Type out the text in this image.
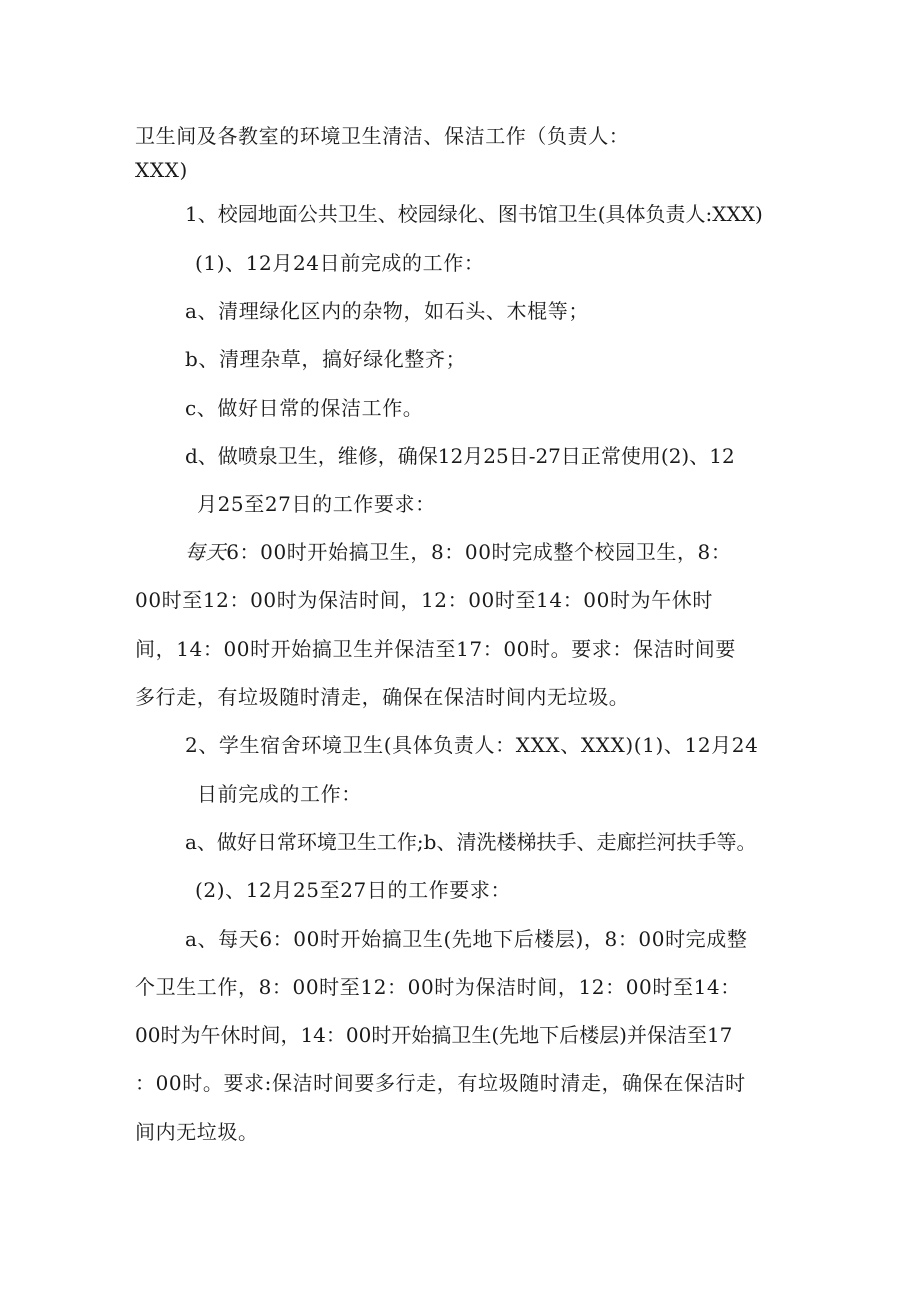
卫生间及各教室的环境卫生清洁、保洁工作（负责人：
XXX)
1、校园地面公共卫生、校园绿化、图书馆卫生(具体负责人:XXX)
(1)、12月24日前完成的工作：
a、清理绿化区内的杂物，如石头、木棍等；
b、清理杂草，搞好绿化整齐；
c、做好日常的保洁工作。
d、做喷泉卫生，维修，确保12月25日-27日正常使用(2)、12
月25至27日的工作要求：
每天6：00时开始搞卫生，8：00时完成整个校园卫生，8：
00时至12：00时为保洁时间，12：00时至14：00时为午休时
间，14：00时开始搞卫生并保洁至17：00时。要求：保洁时间要
多行走，有垃圾随时清走，确保在保洁时间内无垃圾。
2、学生宿舍环境卫生(具体负责人：XXX、XXX)(1)、12月24
日前完成的工作：
a、做好日常环境卫生工作;b、清洗楼梯扶手、走廊拦河扶手等。
(2)、12月25至27日的工作要求：
a、每天6：00时开始搞卫生(先地下后楼层)，8：00时完成整
个卫生工作，8：00时至12：00时为保洁时间，12：00时至14：
00时为午休时间，14：00时开始搞卫生(先地下后楼层)并保洁至17
：00时。要求:保洁时间要多行走，有垃圾随时清走，确保在保洁时
间内无垃圾。
